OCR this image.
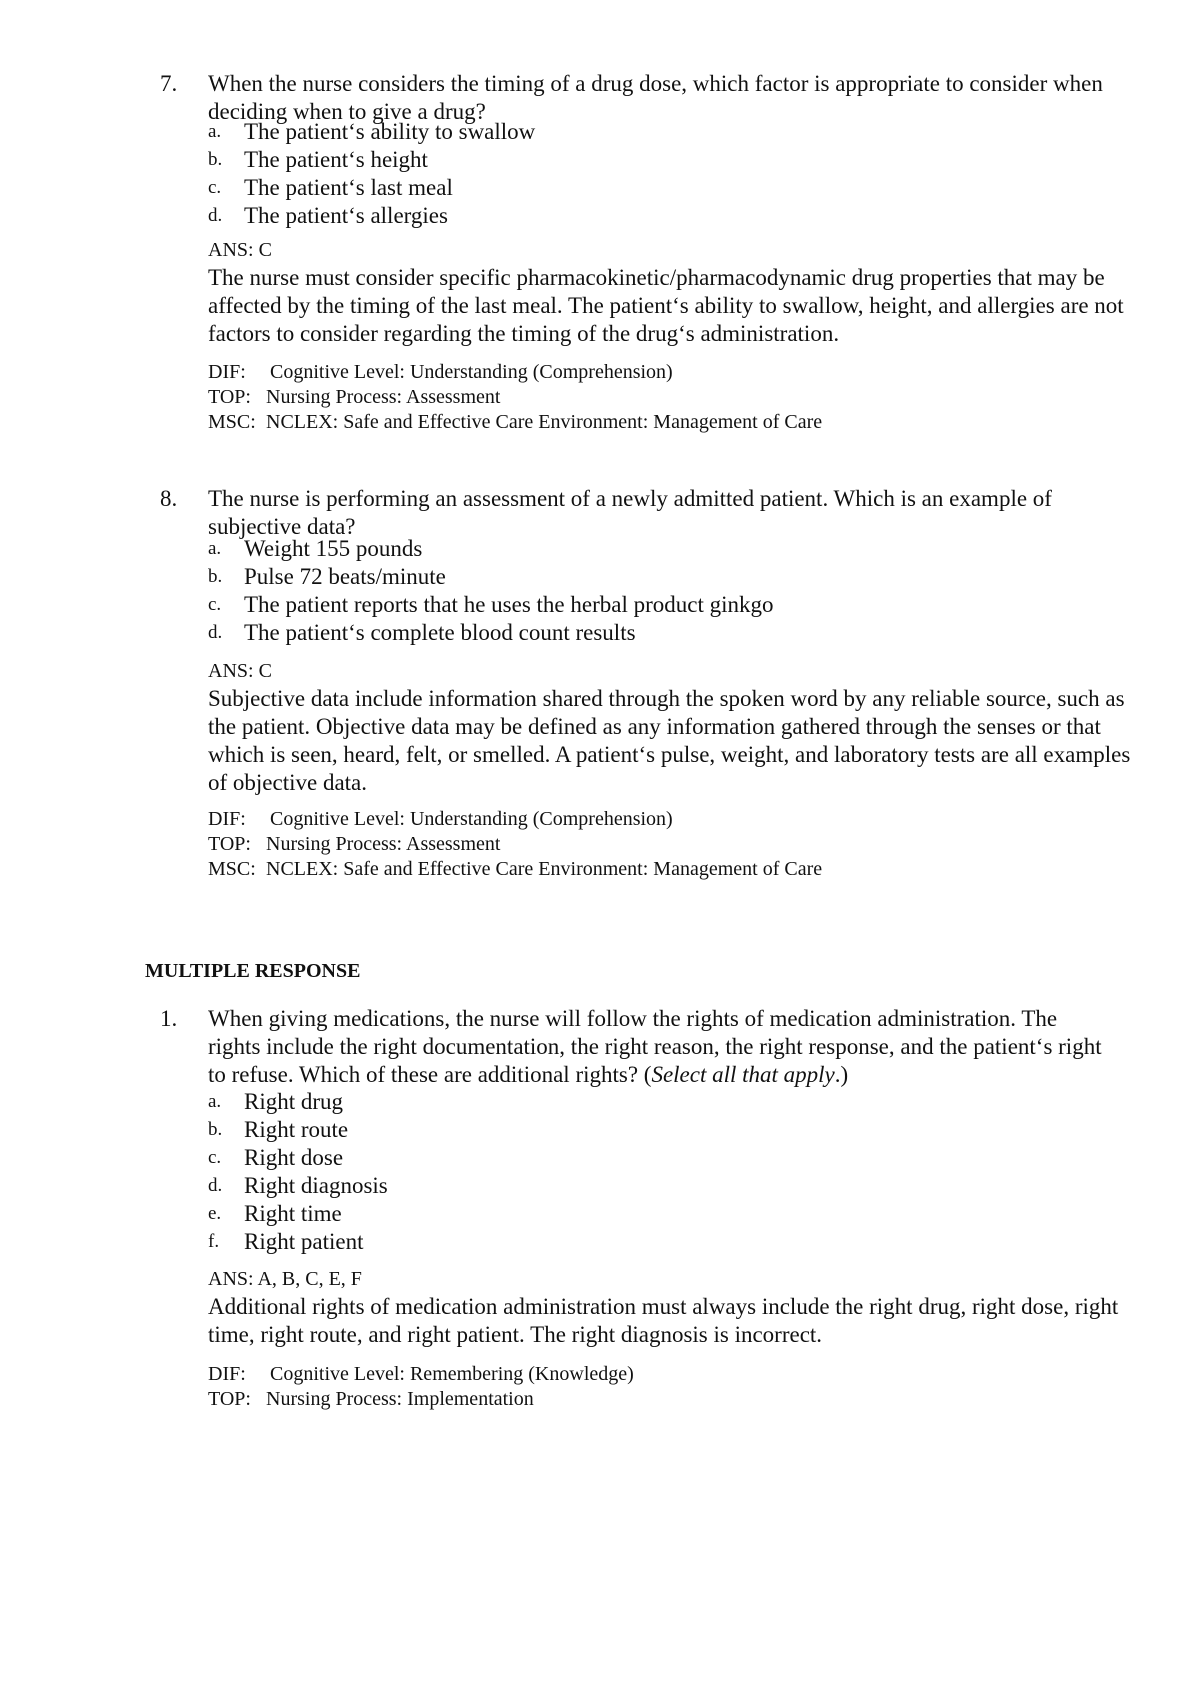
7.	When the nurse considers the timing of a drug dose, which factor is appropriate to consider when deciding when to give a drug?
a. The patient‘s ability to swallow
b. The patient‘s height
c. The patient‘s last meal
d. The patient‘s allergies
ANS: C
The nurse must consider specific pharmacokinetic/pharmacodynamic drug properties that may be affected by the timing of the last meal. The patient‘s ability to swallow, height, and allergies are not factors to consider regarding the timing of the drug‘s administration.
DIF: Cognitive Level: Understanding (Comprehension)
TOP: Nursing Process: Assessment
MSC: NCLEX: Safe and Effective Care Environment: Management of Care
8.	The nurse is performing an assessment of a newly admitted patient. Which is an example of subjective data?
a. Weight 155 pounds
b. Pulse 72 beats/minute
c. The patient reports that he uses the herbal product ginkgo
d. The patient‘s complete blood count results
ANS: C
Subjective data include information shared through the spoken word by any reliable source, such as the patient. Objective data may be defined as any information gathered through the senses or that which is seen, heard, felt, or smelled. A patient‘s pulse, weight, and laboratory tests are all examples of objective data.
DIF: Cognitive Level: Understanding (Comprehension)
TOP: Nursing Process: Assessment
MSC: NCLEX: Safe and Effective Care Environment: Management of Care
MULTIPLE RESPONSE
1.	When giving medications, the nurse will follow the rights of medication administration. The rights include the right documentation, the right reason, the right response, and the patient‘s right to refuse. Which of these are additional rights? (Select all that apply.)
a. Right drug
b. Right route
c. Right dose
d. Right diagnosis
e. Right time
f. Right patient
ANS: A, B, C, E, F
Additional rights of medication administration must always include the right drug, right dose, right time, right route, and right patient. The right diagnosis is incorrect.
DIF: Cognitive Level: Remembering (Knowledge)
TOP: Nursing Process: Implementation
